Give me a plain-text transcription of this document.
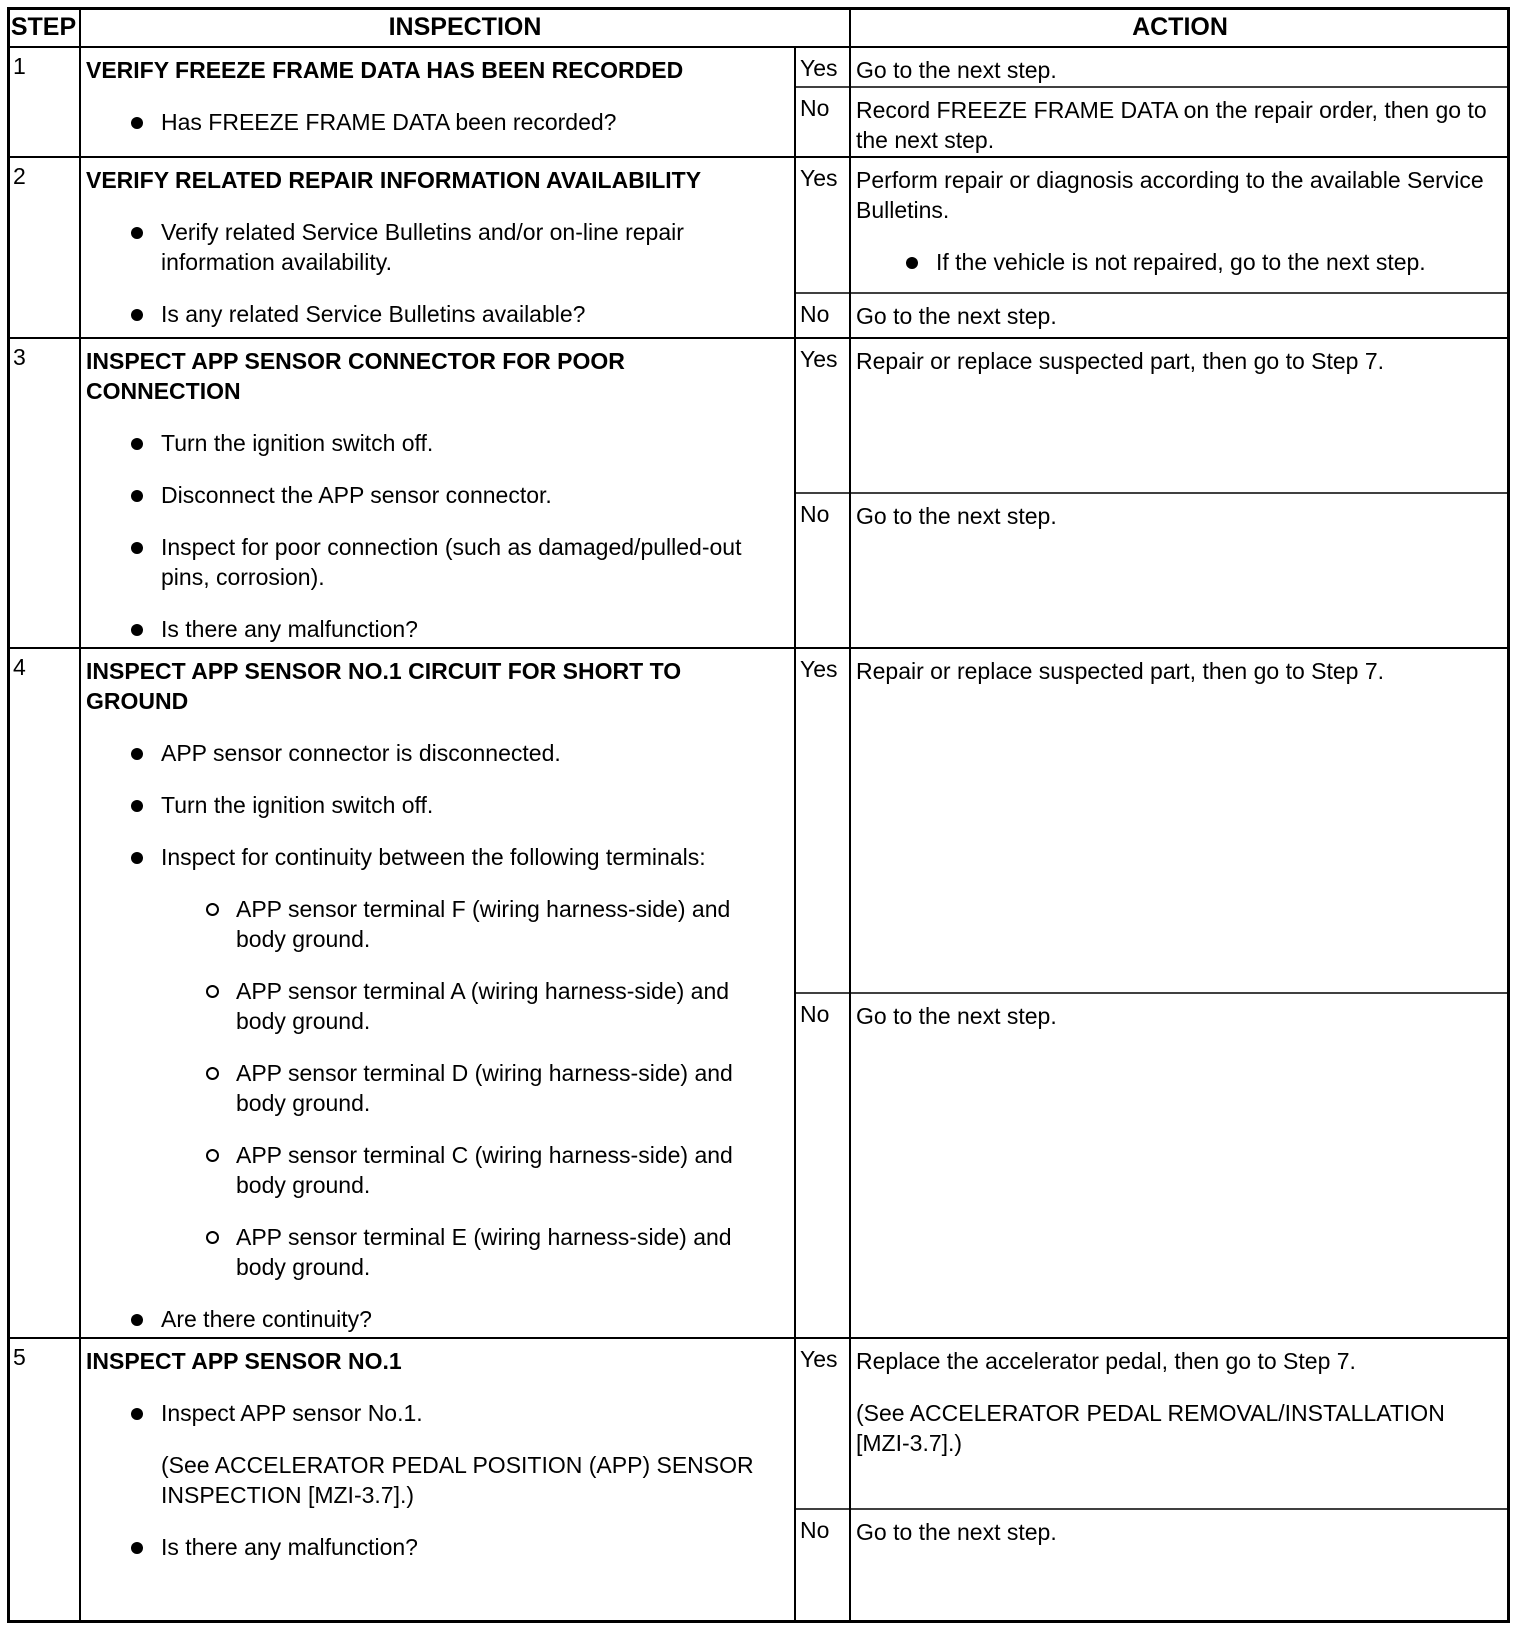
STEP	INSPECTION	ACTION
1	VERIFY FREEZE FRAME DATA HAS BEEN RECORDED
Has FREEZE FRAME DATA been recorded?
Yes Go to the next step.
No	Record FREEZE FRAME DATA on the repair order, then go to the next step.
2	VERIFY RELATED REPAIR INFORMATION AVAILABILITY
Verify related Service Bulletins and/or on-line repair information availability.
Is any related Service Bulletins available?
Yes Perform repair or diagnosis according to the available Service Bulletins.
If the vehicle is not repaired, go to the next step.
No	Go to the next step.
3	INSPECT APP SENSOR CONNECTOR FOR POOR CONNECTION
Turn the ignition switch off.
Disconnect the APP sensor connector.
Inspect for poor connection (such as damaged/pulled-out pins, corrosion).
Is there any malfunction?
Yes Repair or replace suspected part, then go to Step 7.
No	Go to the next step.
4	INSPECT APP SENSOR NO.1 CIRCUIT FOR SHORT TO GROUND
APP sensor connector is disconnected.
Turn the ignition switch off.
Inspect for continuity between the following terminals:
APP sensor terminal F (wiring harness-side) and body ground.
APP sensor terminal A (wiring harness-side) and body ground.
APP sensor terminal D (wiring harness-side) and body ground.
APP sensor terminal C (wiring harness-side) and body ground.
APP sensor terminal E (wiring harness-side) and body ground.
Are there continuity?
Yes Repair or replace suspected part, then go to Step 7.
No	Go to the next step.
5	INSPECT APP SENSOR NO.1
Inspect APP sensor No.1.
(See ACCELERATOR PEDAL POSITION (APP) SENSOR INSPECTION [MZI-3.7].)
Is there any malfunction?
Yes Replace the accelerator pedal, then go to Step 7.
(See ACCELERATOR PEDAL REMOVAL/INSTALLATION [MZI-3.7].)
No	Go to the next step.
